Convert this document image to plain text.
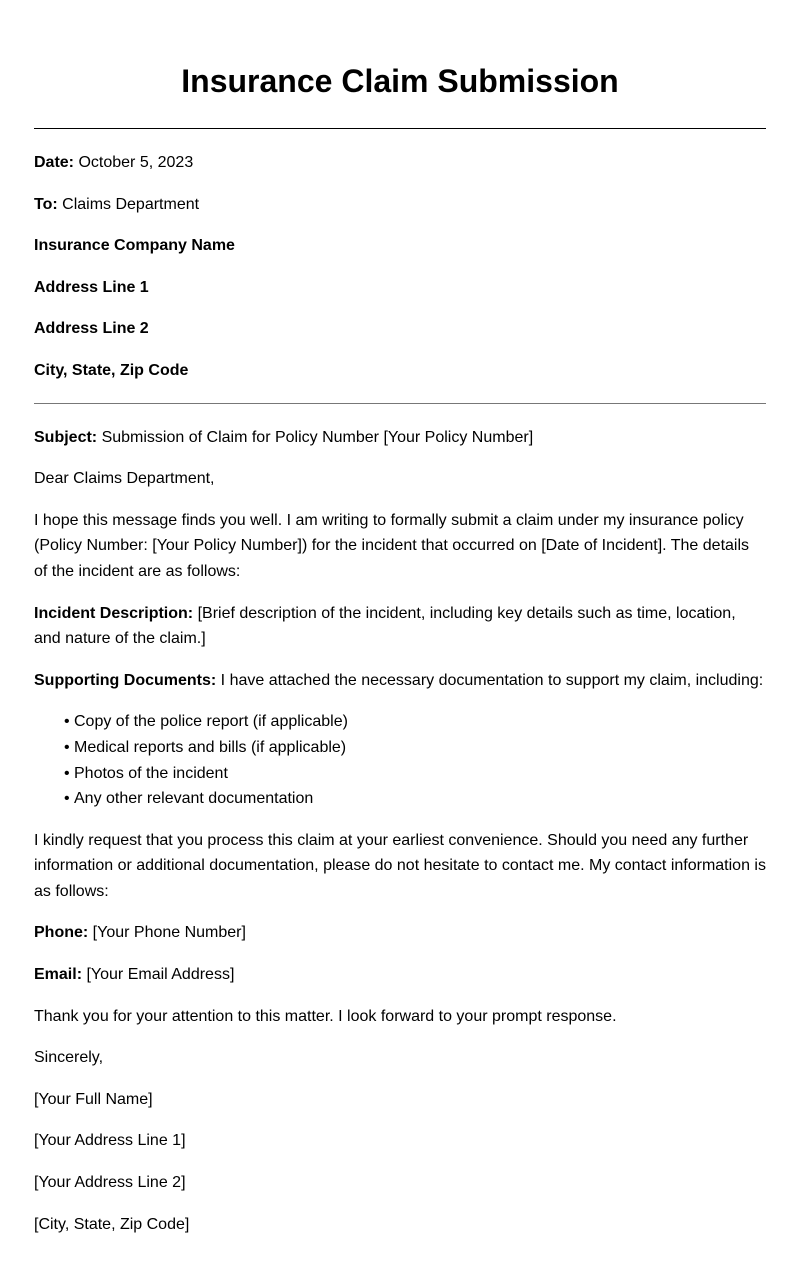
Insurance Claim Submission

Date: October 5, 2023

To: Claims Department

Insurance Company Name

Address Line 1

Address Line 2

City, State, Zip Code

Subject: Submission of Claim for Policy Number [Your Policy Number]

Dear Claims Department,

I hope this message finds you well. I am writing to formally submit a claim under my insurance policy (Policy Number: [Your Policy Number]) for the incident that occurred on [Date of Incident]. The details of the incident are as follows:

Incident Description: [Brief description of the incident, including key details such as time, location, and nature of the claim.]

Supporting Documents: I have attached the necessary documentation to support my claim, including:

• Copy of the police report (if applicable)
• Medical reports and bills (if applicable)
• Photos of the incident
• Any other relevant documentation

I kindly request that you process this claim at your earliest convenience. Should you need any further information or additional documentation, please do not hesitate to contact me. My contact information is as follows:

Phone: [Your Phone Number]

Email: [Your Email Address]

Thank you for your attention to this matter. I look forward to your prompt response.

Sincerely,

[Your Full Name]

[Your Address Line 1]

[Your Address Line 2]

[City, State, Zip Code]
